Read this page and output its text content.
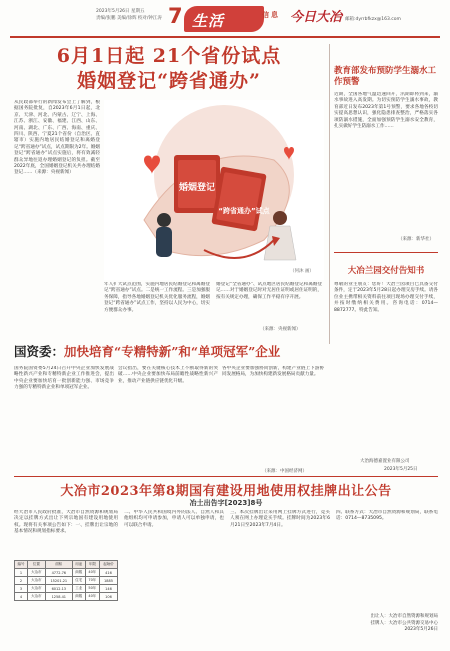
2023年5月26日 星期五
责编/张鹏 美编/徐辉 校对/钟江涛 7 生活	信息 今日大冶 邮箱:dyrrbfkzx@163.com
6月1日起 21个省份试点
婚姻登记“跨省通办”
从民政部举行的新闻发布会上了解到，根据国务院批复，自2023年6月1日起，北京、天津、河北、内蒙古、辽宁、上海、江苏、浙江、安徽、福建、江西、山东、河南、湖北、广东、广西、海南、重庆、四川、陕西、宁夏21个省份（自治区、直辖市）实施内地居民结婚登记和离婚登记“跨省通办”试点，试点期限为2年。婚姻登记“跨省通办”试点实施后，将有效减轻群众异地往返办理婚姻登记的负担。截至2022年底，全国婚姻登记机关共办理结婚登记……（来源：央视新闻）
婚姻登记
“跨省通办”试点
（何沐 画）
年人扩大试点范围，实施内地居民结婚登记和离婚登记“跨省通办”试点。二是统一工作流程。三是加强服务保障，指导各地婚姻登记机关优化服务流程，婚姻登记“跨省通办”试点工作，坚持以人民为中心，切实方便群众办事。
婚登记“全省通办”、试点地区居民结婚登记和离婚登记……对于婚姻登记时对无居住证明或居住证明的，按有关规定办理，确保工作平稳有序开展。
（来源：央视新闻）
教育部发布预防学生溺水工作预警
近期，全国各地气温迅速回升，汛期即将到来，溺水事故进入高发期。为切实预防学生溺水事故，教育部近日发布2023年第1号预警，要求各地各校切实提高思想认识，强化隐患排查整治，严格落实各项防溺水措施，全面加强预防学生溺水安全教育，扎实做好学生防溺水工作……
（来源：新华社）
大冶兰园交付告知书
尊敬的业主朋友：您好！大冶兰园项目已具备交付条件，定于2023年5月28日起办理交房手续。请各位业主携带相关资料前往项目现场办理交付手续，并按时缴纳相关费用。咨询电话：0714—8872777。特此告知。
大冶海德嘉置业有限公司
2023年5月25日
国资委：加快培育“专精特新”和“单项冠军”企业
国务院国资委5月24日召开中央企业加快发展战略性新兴产业和专精特新企业工作推进会，提出中央企业要加快培育一批创新能力强、市场竞争力强的专精特新企业和单项冠军企业。
会议指出，要在关键核心技术上不断取得新的突破……中央企业要加快布局前瞻性战略性新兴产业，推动产业链供应链优化升级。
各中央企业要加强协同创新，构建产业链上下游协同发展格局，为加快构建新发展格局贡献力量。
（来源：中国经济网）
大冶市2023年第8期国有建设用地使用权挂牌出让公告
冶土出告字[2023]8号
经大冶市人民政府批准，大冶市自然资源和规划局决定以挂牌方式出让下列宗地国有建设用地使用权。现将有关事项公告如下：一、挂牌出让宗地的基本情况和规划指标要求。
编号	位置	面积	用途	年限	起始价
1	大冶市	4772.76	商服	40年	416
2	大冶市	15201.21	住宅	70年	1885
3	大冶市	6012.13	工业	50年	146
4	大冶市	1258.41	商服	40年	106
二、中华人民共和国境内外的法人、自然人和其他组织均可申请参加，申请人可以单独申请，也可以联合申请。
三、本次挂牌出让采用网上挂牌方式进行，竞买人须在网上办理竞买手续。挂牌时间为2023年6月21日至2023年7月4日。
四、联系方式：大冶市自然资源和规划局，联系电话：0714—8735095。
出让人：大冶市自然资源和规划局
挂牌人：大冶市公共资源交易中心
2023年5月26日
